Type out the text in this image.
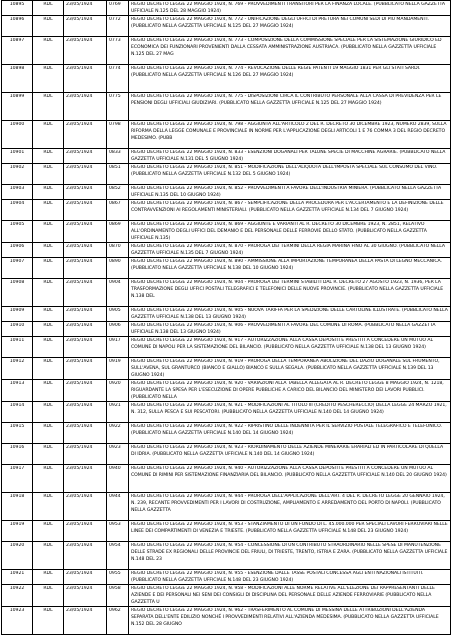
10895	RDL	23/05/1924	0769	REGIO DECRETO LEGGE 22 MAGGIO 1924, N. 769 - PROVVEDIMENTI TRANSITORI PER LA FINANZA LOCALE. (PUBBLICATO NELLA GAZZETTA UFFICIALE N.125 DEL 28 MAGGIO 1924)

10896	RDL	23/05/1924	0772	REGIO DECRETO LEGGE 22 MAGGIO 1924, N. 772 - UNIFICAZIONE DEGLI UFFICI DI PRETURA NEI COMUNI SEDI DI PIÙ MANDAMENTI. (PUBBLICATO NELLA GAZZETTA UFFICIALE N.125 DEL 27 MAGGIO 1924)

10897	RDL	23/05/1924	0773	REGIO DECRETO LEGGE 22 MAGGIO 1924, N. 773 - COMPOSIZIONE DELLA COMMISSIONE SPECIALE PER LA SISTEMAZIONE GIURIDICO ED ECONOMICA DEI FUNZIONARI PROVENIENTI DALLA CESSATA AMMINISTRAZIONE AUSTRIACA. (PUBBLICATO NELLA GAZZETTA UFFICIALE N.125 DEL 27 MAG

10898	RDL	23/05/1924	0774	REGIO DECRETO LEGGE 22 MAGGIO 1924, N. 774 - REVOCAZIONE DELLE REGIE PATENTI 19 MAGGIO 1831 PER GLI STATI SARDI. (PUBBLICATO NELLA GAZZETTA UFFICIALE N.126 DEL 27 MAGGIO 1924)

10899	RDL	23/05/1924	0775	REGIO DECRETO LEGGE 22 MAGGIO 1924, N. 775 - DISPOSIZIONI CIRCA IL CONTRIBUTO PERSONALE ALLA CASSA DI PREVIDENZA PER LE PENSIONI DEGLI UFFICIALI GIUDIZIARI. (PUBBLICATO NELLA GAZZETTA UFFICIALE N.125 DEL 27 MAGGIO 1924)

10900	RDL	23/05/1924	0798	REGIO DECRETO LEGGE 22 MAGGIO 1924, N. 798 - AGGIUNTA ALL'ARTICOLO 2 DEL R. DECRETO 30 DICEMBRE 1923, NUMERO 2839, SULLA RIFORMA DELLA LEGGE COMUNALE E PROVINCIALE IN NORME PER L'APPLICAZIONE DEGLI ARTICOLI 1 E 76 COMMA 3 DEL REGIO DECRETO MEDESIMO. (PUBB

10901	RDL	23/05/1924	0833	REGIO DECRETO LEGGE 22 MAGGIO 1924, N. 833 - ESENZIONI DOGANALI PER TALUNE SPECIE DI MACCHINE AGRARIE. (PUBBLICATO NELLA GAZZETTA UFFICIALE N.131 DEL 5 GIUGNO 1924)

10902	RDL	23/05/1924	0851	REGIO DECRETO LEGGE 22 MAGGIO 1924, N. 851 - MODIFICAZIONE DELL'ALIQUOTA DELL'IMPOSTA SPECIALE SUL CONSUMO DEL VINO. (PUBBLICATO NELLA GAZZETTA UFFICIALE N.132 DEL 5 GIUGNO 1924)

10903	RDL	23/05/1924	0852	REGIO DECRETO LEGGE 22 MAGGIO 1924, N. 852 - PROVVEDIMENTI A FAVORE DELL'INDUSTRIA MINIERA. (PUBBLICATO NELLA GAZZETTA UFFICIALE N.135 DEL 10 GIUGNO 1924)

10904	RDL	23/05/1924	0867	REGIO DECRETO LEGGE 22 MAGGIO 1924, N. 867 - SEMPLIFICAZIONE DELLA PROCEDURA PER L'ACCERTAMENTO E LA DEFINIZIONE DELLE CONTRAVVENZIONI AI REGOLAMENTI MINISTERIALI. (PUBBLICATO NELLA GAZZETTA UFFICIALE N.134 DEL 7 GIUGNO 1924)

10905	RDL	23/05/1924	0869	REGIO DECRETO LEGGE 22 MAGGIO 1924, N. 869 - AGGIUNTE E VARIANTI AL R. DECRETO 30 DICEMBRE 1923, N. 2851, RELATIVO ALL'ORDINAMENTO DEGLI UFFICI DEL DEMANIO E DEL PERSONALE DELLE FERROVIE DELLO STATO. (PUBBLICATO NELLA GAZZETTA UFFICIALE N.135)

10906	RDL	23/05/1924	0870	REGIO DECRETO LEGGE 22 MAGGIO 1924, N. 870 - PROROGA DEI TERMINI DELLA REGIA MARINA FINO AL 30 GIUGNO. (PUBBLICATO NELLA GAZZETTA UFFICIALE N.135 DEL 7 GIUGNO 1924)

10907	RDL	23/05/1924	0890	REGIO DECRETO LEGGE 22 MAGGIO 1924, N. 890 - AMMISSIONE ALLA IMPORTAZIONE TEMPORANEA DELLA PASTA DI LEGNO MECCANICA. (PUBBLICATO NELLA GAZZETTA UFFICIALE N.138 DEL 10 GIUGNO 1924)

10908	RDL	23/05/1924	0904	REGIO DECRETO LEGGE 22 MAGGIO 1924, N. 904 - PROROGA DEI TERMINI STABILITI DAL R. DECRETO 27 AGOSTO 1923, N. 1936, PER LA TRASFORMAZIONE DEGLI UFFICI POSTALI TELEGRAFICI E TELEFONICI DELLE NUOVE PROVINCIE. (PUBBLICATO NELLA GAZZETTA UFFICIALE N.138 DEL

10909	RDL	23/05/1924	0905	REGIO DECRETO LEGGE 22 MAGGIO 1924, N. 905 - NUOVA TARIFFA PER LA SPEDIZIONE DELLE CARTOLINE ILLUSTRATE. (PUBBLICATO NELLA GAZZETTA UFFICIALE N.138 DEL 13 GIUGNO 1924)

10910	RDL	23/05/1924	0906	REGIO DECRETO LEGGE 22 MAGGIO 1924, N. 906 - PROVVEDIMENTI A FAVORE DEL COMUNE DI ROMA. (PUBBLICATO NELLA GAZZETTA UFFICIALE N.138 DEL 13 GIUGNO 1924)

10911	RDL	23/05/1924	0917	REGIO DECRETO LEGGE 22 MAGGIO 1924, N. 917 - AUTORIZZAZIONE ALLA CASSA DEPOSITI E PRESTITI A CONCEDERE UN MUTUO AL COMUNE DI NAPOLI PER LA SISTEMAZIONE DEL BILANCIO. (PUBBLICATO NELLA GAZZETTA UFFICIALE N.138 DEL 13 GIUGNO 1924)

10912	RDL	23/05/1924	0919	REGIO DECRETO LEGGE 22 MAGGIO 1924, N. 919 - PROROGA DELLA TEMPORANEA ABOLIZIONE DEL DAZIO DOGANALE SUL FRUMENTO, SULL'AVENA, SUL GRANTURCO (BIANCO E GIALLO) BIANCO E SULLA SEGALA. (PUBBLICATO NELLA GAZZETTA UFFICIALE N.139 DEL 13 GIUGNO 1924)

10913	RDL	23/05/1924	0920	REGIO DECRETO LEGGE 22 MAGGIO 1924, N. 920 - VARIAZIONI ALLA TABELLA ALLEGATA AL R. DECRETO LEGGE 8 MAGGIO 1924, N. 1218, RIGUARDANTE LA SPESA PER L'ESECUZIONE DI OPERE PUBBLICHE A CARICO DEL BILANCIO DEL MINISTERO DEI LAVORI PUBBLICI. (PUBBLICATO NELLA

10914	RDL	23/05/1924	0921	REGIO DECRETO LEGGE 22 MAGGIO 1924, N. 921 - MODIFICAZIONI AL TITOLO III (CREDITO PESCHERECCIO) DELLA LEGGE 24 MARZO 1921, N. 312, SULLA PESCA E SUI PESCATORI. (PUBBLICATO NELLA GAZZETTA UFFICIALE N.140 DEL 14 GIUGNO 1924)

10915	RDL	23/05/1924	0922	REGIO DECRETO LEGGE 22 MAGGIO 1924, N. 922 - RIPRISTINO DELLE INDENNITÀ PER IL SERVIZIO POSTALE TELEGRAFICO E TELEFONICO. (PUBBLICATO NELLA GAZZETTA UFFICIALE N.140 DEL 14 GIUGNO 1924)

10916	RDL	23/05/1924	0923	REGIO DECRETO LEGGE 22 MAGGIO 1924, N. 923 - RIORDINAMENTO DELLE AZIENDE MINERARIE ERARIALI ED IN PARTICOLARE DI QUELLA DI IDRIA. (PUBBLICATO NELLA GAZZETTA UFFICIALE N.140 DEL 14 GIUGNO 1924)

10917	RDL	23/05/1924	0940	REGIO DECRETO LEGGE 22 MAGGIO 1924, N. 940 - AUTORIZZAZIONE ALLA CASSA DEPOSITI E PRESTITI A CONCEDERE UN MUTUO AL COMUNE DI RIMINI PER SISTEMAZIONE FINANZIARIA DEL BILANCIO. (PUBBLICATO NELLA GAZZETTA UFFICIALE N.140 DEL 20 GIUGNO 1924)

10918	RDL	23/05/1924	0944	REGIO DECRETO LEGGE 22 MAGGIO 1924, N. 944 - PROROGA DELL'APPLICAZIONE DELL'ART. 4 DEL R. DECRETO LEGGE 20 GENNAIO 1924, N. 239, RECANTE PROVVEDIMENTI PER I LAVORI DI COSTRUZIONE, AMPLIAMENTO E ARREDAMENTO DEL PORTO DI NAPOLI. (PUBBLICATO NELLA GAZZETTA

10919	RDL	23/05/1924	0953	REGIO DECRETO LEGGE 22 MAGGIO 1924, N. 953 - STANZIAMENTO DI UN FONDO DI L. 45.000.000 PER SPECIALI LAVORI FERROVIARI NELLE LINEE DEI COMPARTIMENTI DI VENEZIA E TRIESTE. (PUBBLICATO NELLA GAZZETTA UFFICIALE N.148 DEL 23 GIUGNO 1924)

10920	RDL	23/05/1924	0954	REGIO DECRETO LEGGE 22 MAGGIO 1924, N. 954 - CONCESSIONE DI UN CONTRIBUTO STRAORDINARIO NELLE SPESE DI MANUTENZIONE DELLE STRADE EX REGIONALI DELLE PROVINCIE DEL FRIULI, DI TRIESTE, TRENTO, ISTRIA E ZARA. (PUBBLICATO NELLA GAZZETTA UFFICIALE N.148 DEL 23

10921	RDL	23/05/1924	0955	REGIO DECRETO LEGGE 22 MAGGIO 1924, N. 955 - ESENZIONE DALLE TASSE POSTALI CONCESSA AGLI ENTI NAZIONALI ISTITUITI. (PUBBLICATO NELLA GAZZETTA UFFICIALE N.148 DEL 23 GIUGNO 1924)

10922	RDL	23/05/1924	0958	REGIO DECRETO LEGGE 22 MAGGIO 1924, N. 958 - MODIFICAZIONI ALLE NORME RELATIVE ALL'ELEZIONE DEI RAPPRESENTANTI DELLE AZIENDE E DEI PERSONALI NEI SENI DEI CONSIGLI DI DISCIPLINA DEL PERSONALE DELLE AZIENDE FERROVIARIE (PUBBLICATO NELLA GAZZETTA U

10923	RDL	23/05/1924	0962	REGIO DECRETO LEGGE 22 MAGGIO 1924, N. 962 - TRASFERIMENTO AL COMUNE DI MESSINA DELLE ATTRIBUZIONI DELL'AZIENDA SEPARATA DELL'ENTE EDILIZIO NONCHÉ I PROVVEDIMENTI RELATIVI ALL'AZIENDA MEDESIMA. (PUBBLICATO NELLA GAZZETTA UFFICIALE N.152 DEL 28 GIUGNO
